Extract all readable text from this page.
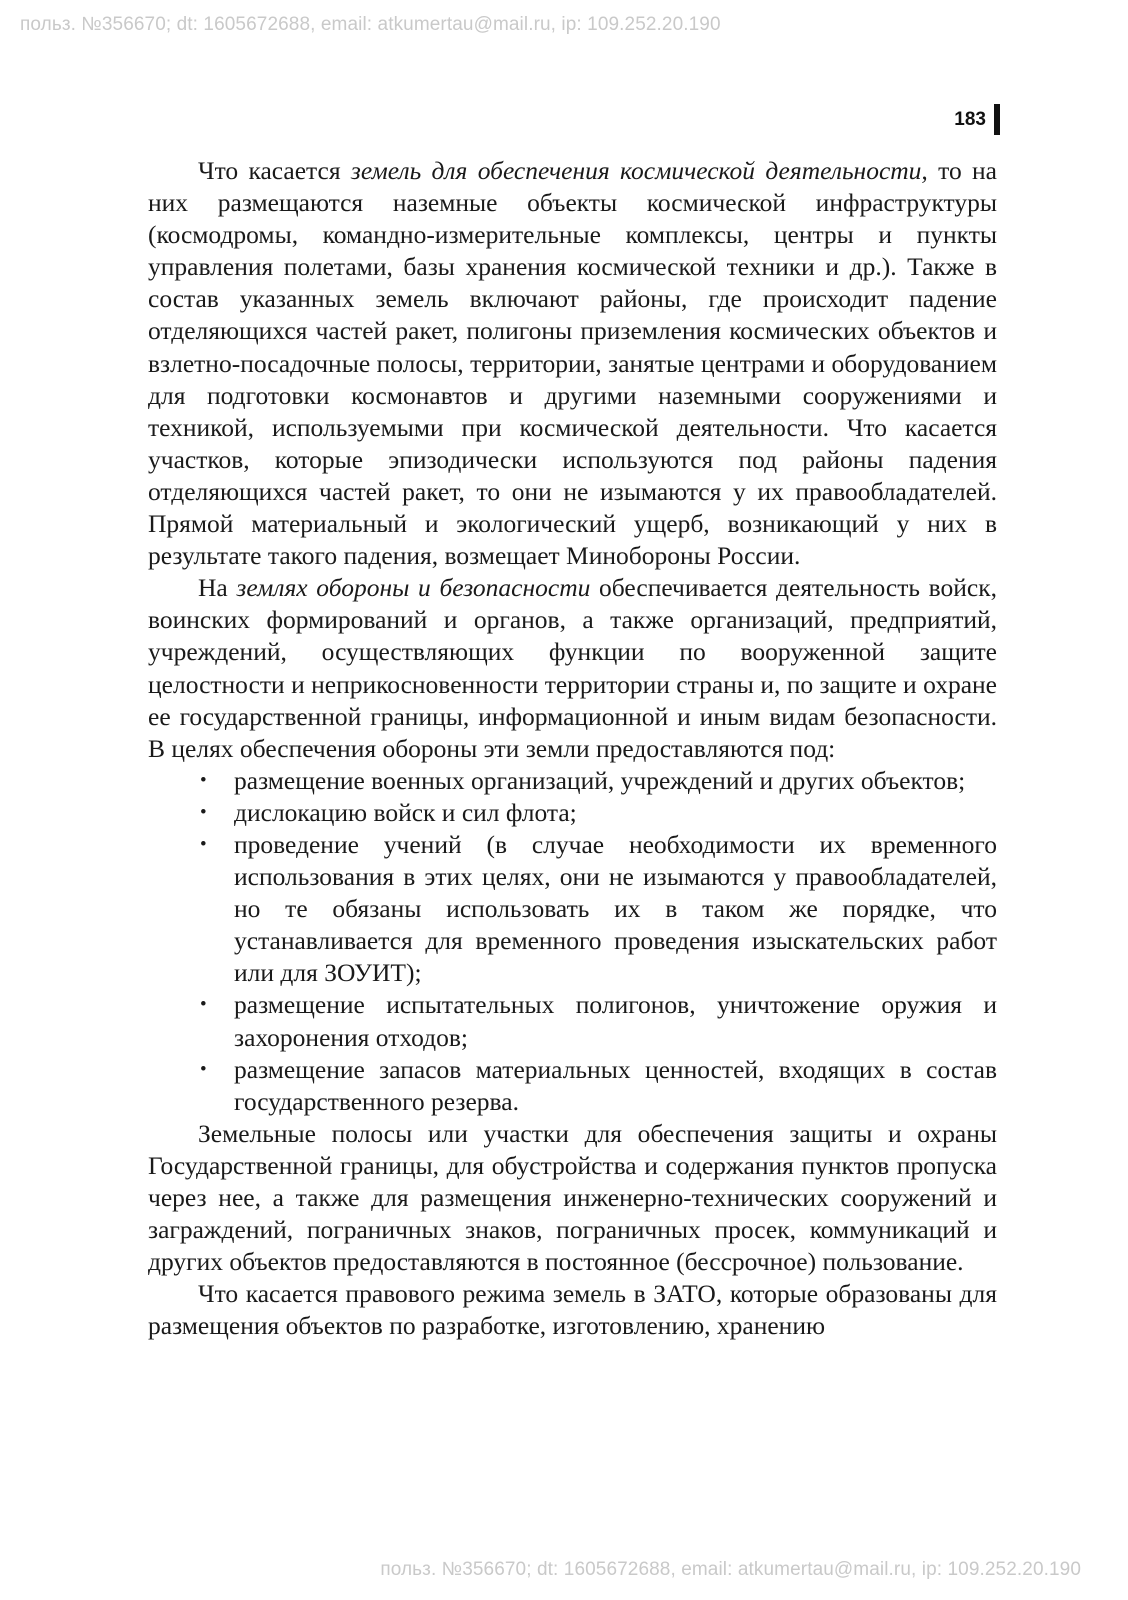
польз. №356670; dt: 1605672688, email: atkumertau@mail.ru, ip: 109.252.20.190
183

Что касается земель для обеспечения космической деятельности, то на них размещаются наземные объекты космической инфраструктуры (космодромы, командно-измерительные комплексы, центры и пункты управления полетами, базы хранения космической техники и др.). Также в состав указанных земель включают районы, где происходит падение отделяющихся частей ракет, полигоны приземления космических объектов и взлетно-посадочные полосы, территории, занятые центрами и оборудованием для подготовки космонавтов и другими наземными сооружениями и техникой, используемыми при космической деятельности. Что касается участков, которые эпизодически используются под районы падения отделяющихся частей ракет, то они не изымаются у их правообладателей. Прямой материальный и экологический ущерб, возникающий у них в результате такого падения, возмещает Минобороны России.

На землях обороны и безопасности обеспечивается деятельность войск, воинских формирований и органов, а также организаций, предприятий, учреждений, осуществляющих функции по вооруженной защите целостности и неприкосновенности территории страны и, по защите и охране ее государственной границы, информационной и иным видам безопасности. В целях обеспечения обороны эти земли предоставляются под:

• размещение военных организаций, учреждений и других объектов;
• дислокацию войск и сил флота;
• проведение учений (в случае необходимости их временного использования в этих целях, они не изымаются у правообладателей, но те обязаны использовать их в таком же порядке, что устанавливается для временного проведения изыскательских работ или для ЗОУИТ);
• размещение испытательных полигонов, уничтожение оружия и захоронения отходов;
• размещение запасов материальных ценностей, входящих в состав государственного резерва.

Земельные полосы или участки для обеспечения защиты и охраны Государственной границы, для обустройства и содержания пунктов пропуска через нее, а также для размещения инженерно-технических сооружений и заграждений, пограничных знаков, пограничных просек, коммуникаций и других объектов предоставляются в постоянное (бессрочное) пользование.

Что касается правового режима земель в ЗАТО, которые образованы для размещения объектов по разработке, изготовлению, хранению

польз. №356670; dt: 1605672688, email: atkumertau@mail.ru, ip: 109.252.20.190
